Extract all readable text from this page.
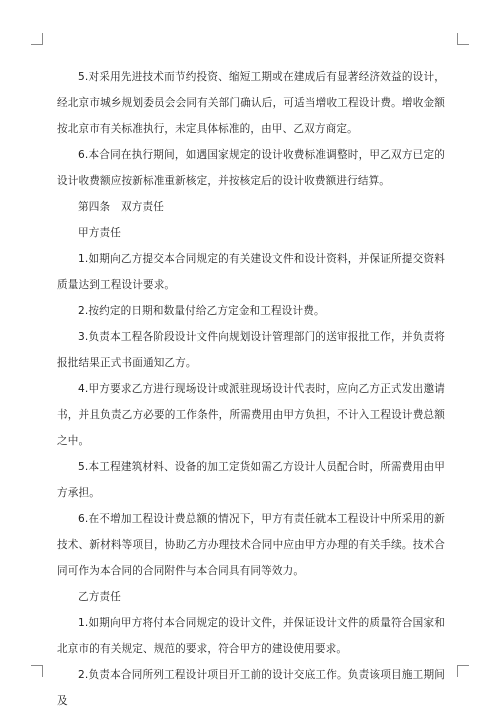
5.对采用先进技术而节约投资、缩短工期或在建成后有显著经济效益的设计，经北京市城乡规划委员会会同有关部门确认后，可适当增收工程设计费。增收金额按北京市有关标准执行，未定具体标准的，由甲、乙双方商定。

6.本合同在执行期间，如遇国家规定的设计收费标准调整时，甲乙双方已定的设计收费额应按新标准重新核定，并按核定后的设计收费额进行结算。

第四条　双方责任

甲方责任

1.如期向乙方提交本合同规定的有关建设文件和设计资料，并保证所提交资料质量达到工程设计要求。

2.按约定的日期和数量付给乙方定金和工程设计费。

3.负责本工程各阶段设计文件向规划设计管理部门的送审报批工作，并负责将报批结果正式书面通知乙方。

4.甲方要求乙方进行现场设计或派驻现场设计代表时，应向乙方正式发出邀请书，并且负责乙方必要的工作条件，所需费用由甲方负担，不计入工程设计费总额之中。

5.本工程建筑材料、设备的加工定货如需乙方设计人员配合时，所需费用由甲方承担。

6.在不增加工程设计费总额的情况下，甲方有责任就本工程设计中所采用的新技术、新材料等项目，协助乙方办理技术合同中应由甲方办理的有关手续。技术合同可作为本合同的合同附件与本合同具有同等效力。

乙方责任

1.如期向甲方将付本合同规定的设计文件，并保证设计文件的质量符合国家和北京市的有关规定、规范的要求，符合甲方的建设使用要求。

2.负责本合同所列工程设计项目开工前的设计交底工作。负责该项目施工期间及
